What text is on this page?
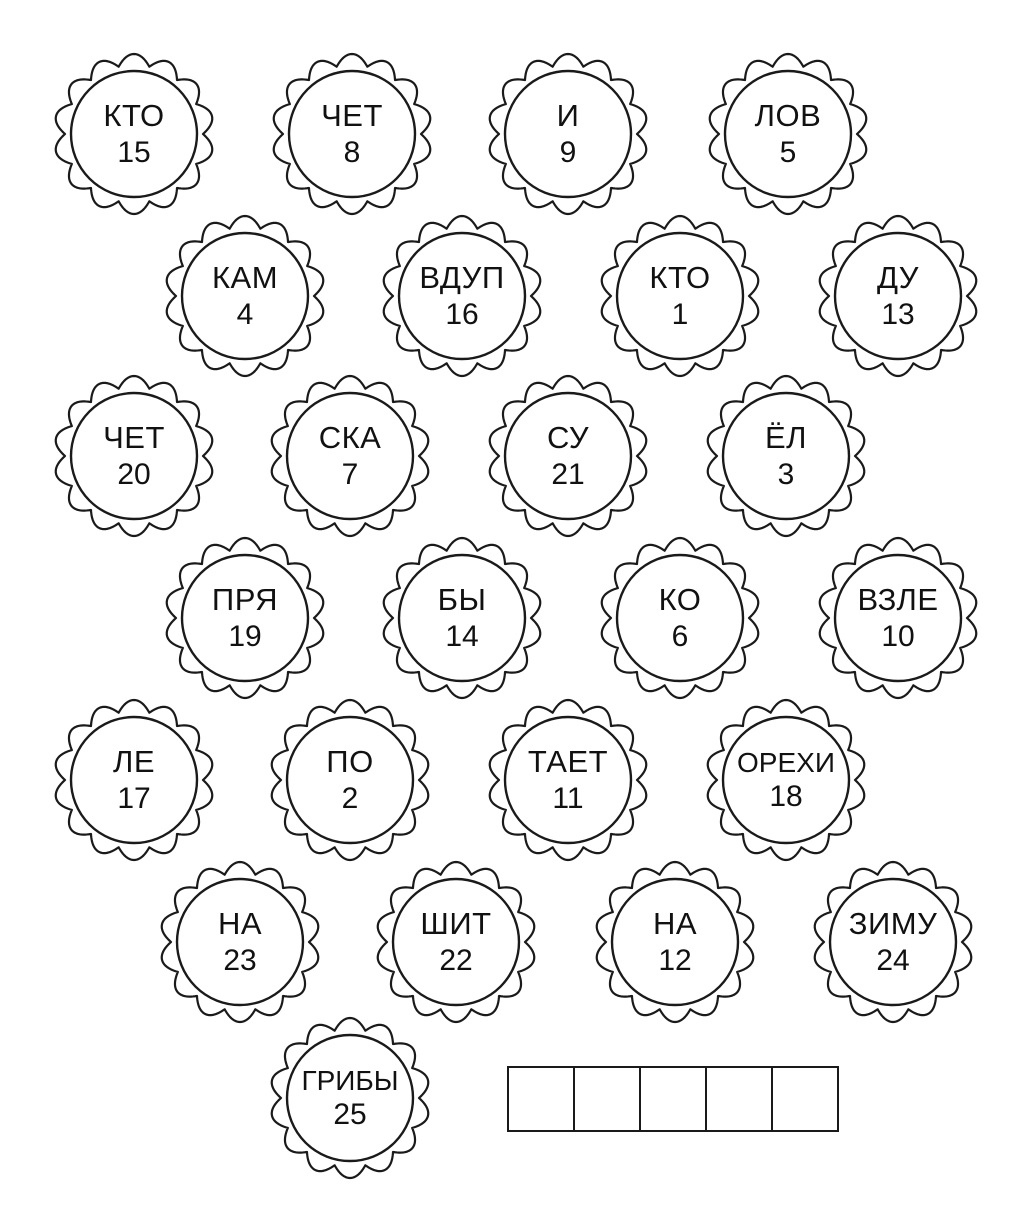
КТО
15
ЧЕТ
8
И
9
ЛОВ
5
КАМ
4
ВДУП
16
КТО
1
ДУ
13
ЧЕТ
20
СКА
7
СУ
21
ЁЛ
3
ПРЯ
19
БЫ
14
КО
6
ВЗЛЕ
10
ЛЕ
17
ПО
2
ТАЕТ
11
ОРЕХИ
18
НА
23
ШИТ
22
НА
12
ЗИМУ
24
ГРИБЫ
25
